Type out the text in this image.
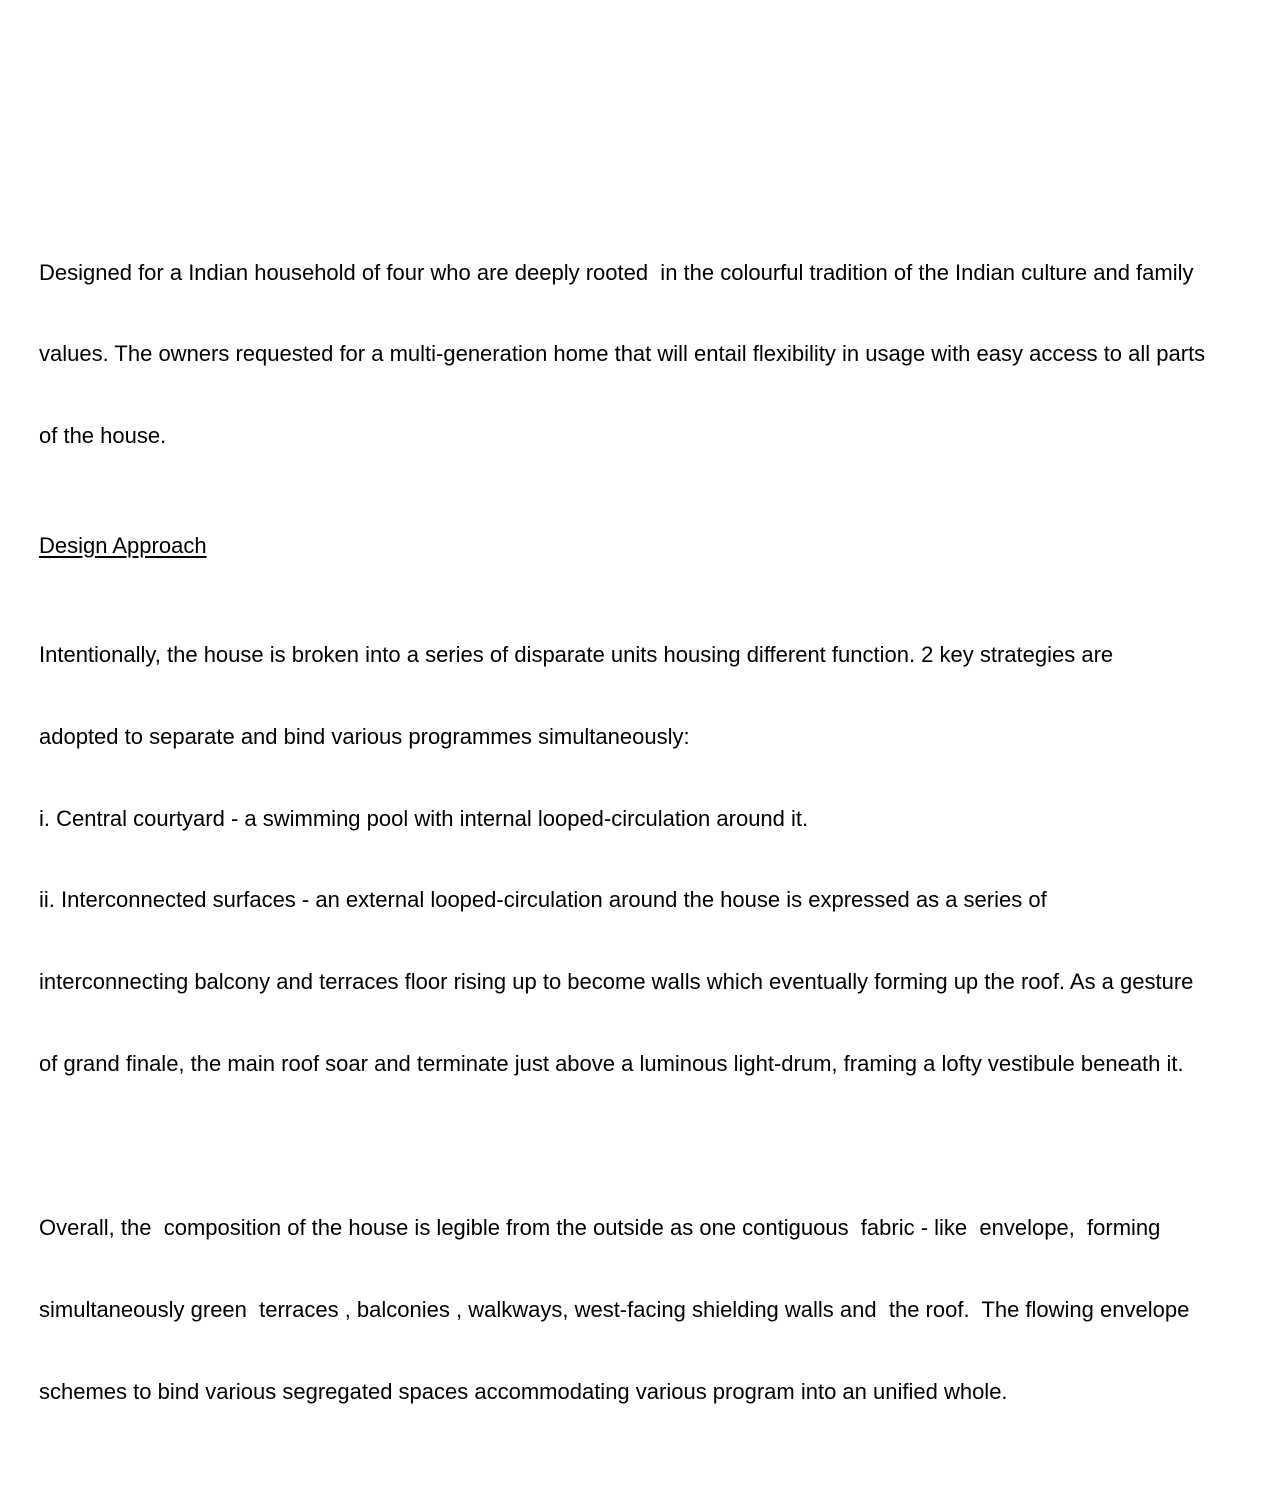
Designed for a Indian household of four who are deeply rooted  in the colourful tradition of the Indian culture and family

values. The owners requested for a multi-generation home that will entail flexibility in usage with easy access to all parts

of the house.

Design Approach

Intentionally, the house is broken into a series of disparate units housing different function. 2 key strategies are

adopted to separate and bind various programmes simultaneously:

i. Central courtyard - a swimming pool with internal looped-circulation around it.

ii. Interconnected surfaces - an external looped-circulation around the house is expressed as a series of

interconnecting balcony and terraces floor rising up to become walls which eventually forming up the roof. As a gesture

of grand finale, the main roof soar and terminate just above a luminous light-drum, framing a lofty vestibule beneath it.

Overall, the  composition of the house is legible from the outside as one contiguous  fabric - like  envelope,  forming

simultaneously green  terraces , balconies , walkways, west-facing shielding walls and  the roof.  The flowing envelope

schemes to bind various segregated spaces accommodating various program into an unified whole.
